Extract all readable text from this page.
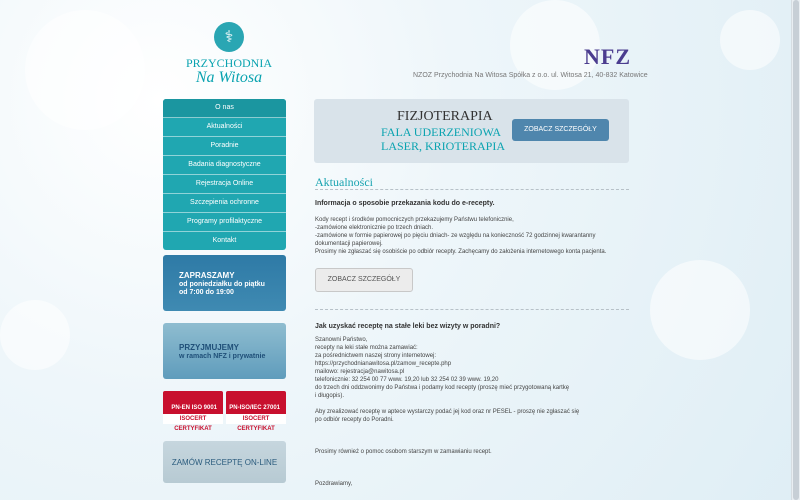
⚕
PRZYCHODNIA
Na Witosa
NFZ
NZOZ Przychodnia Na Witosa Spółka z o.o. ul. Witosa 21, 40-832 Katowice
O nas
Aktualności
Poradnie
Badania diagnostyczne
Rejestracja Online
Szczepienia ochronne
Programy profilaktyczne
Kontakt
ZAPRASZAMY
od poniedziałku do piątku
od 7:00 do 19:00
PRZYJMUJEMY
w ramach NFZ i prywatnie
PN-EN ISO 9001
ISOCERT CERTYFIKAT
PN-ISO/IEC 27001
ISOCERT CERTYFIKAT
ZAMÓW RECEPTĘ ON-LINE
FIZJOTERAPIA
FALA UDERZENIOWA
LASER, KRIOTERAPIA
ZOBACZ SZCZEGÓŁY
Aktualności
Informacja o sposobie przekazania kodu do e-recepty.

Kody recept i środków pomocniczych przekazujemy Państwu telefonicznie,
-zamówione elektronicznie po trzech dniach.
-zamówione w formie papierowej po pięciu dniach- ze względu na konieczność 72 godzinnej kwarantanny
dokumentacji papierowej.
Prosimy nie zgłaszać się osobiście po odbiór recepty. Zachęcamy do założenia internetowego konta pacjenta.

ZOBACZ SZCZEGÓŁY
Jak uzyskać receptę na stałe leki bez wizyty w poradni?

Szanowni Państwo,
recepty na leki stałe można zamawiać:
za pośrednictwem naszej strony internetowej:
https://przychodnianawitosa.pl/zamow_recepte.php
mailowo: rejestracja@nawitosa.pl
telefonicznie: 32 254 00 77 www. 19,20 lub 32 254 02 39 www. 19,20
do trzech dni oddzwonimy do Państwa i podamy kod recepty (proszę mieć przygotowaną kartkę
i długopis).

Aby zrealizować receptę w aptece wystarczy podać jej kod oraz nr PESEL - proszę nie zgłaszać się
po odbiór recepty do Poradni.

Prosimy również o pomoc osobom starszym w zamawianiu recept.

Pozdrawiamy,
